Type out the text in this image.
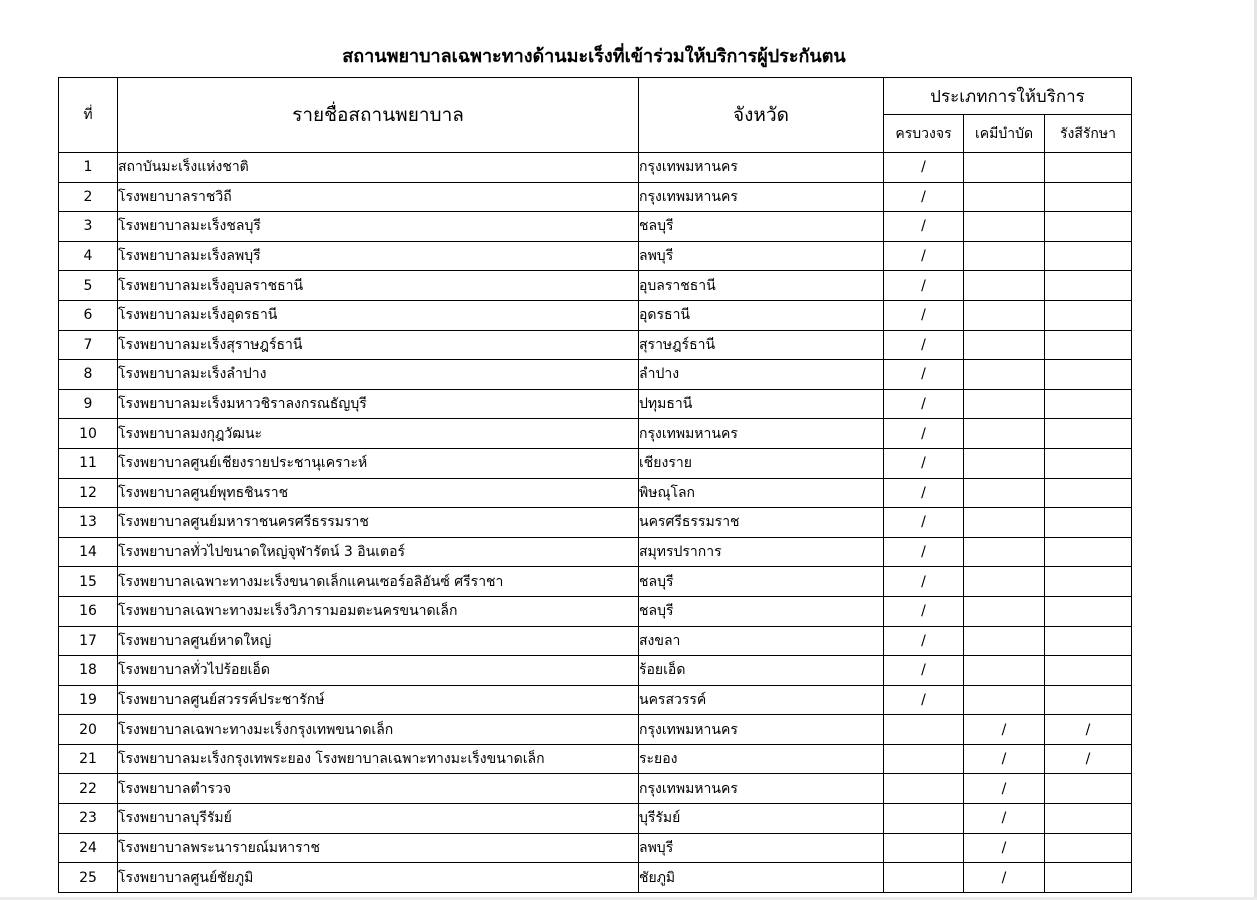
สถานพยาบาลเฉพาะทางด้านมะเร็งที่เข้าร่วมให้บริการผู้ประกันตน
ที่	รายชื่อสถานพยาบาล	จังหวัด	ประเภทการให้บริการ		
			ครบวงจร	เคมีบำบัด	รังสีรักษา
1	สถาบันมะเร็งแห่งชาติ	กรุงเทพมหานคร	/		
2	โรงพยาบาลราชวิถี	กรุงเทพมหานคร	/		
3	โรงพยาบาลมะเร็งชลบุรี	ชลบุรี	/		
4	โรงพยาบาลมะเร็งลพบุรี	ลพบุรี	/		
5	โรงพยาบาลมะเร็งอุบลราชธานี	อุบลราชธานี	/		
6	โรงพยาบาลมะเร็งอุดรธานี	อุดรธานี	/		
7	โรงพยาบาลมะเร็งสุราษฎร์ธานี	สุราษฎร์ธานี	/		
8	โรงพยาบาลมะเร็งลำปาง	ลำปาง	/		
9	โรงพยาบาลมะเร็งมหาวชิราลงกรณธัญบุรี	ปทุมธานี	/		
10	โรงพยาบาลมงกุฎวัฒนะ	กรุงเทพมหานคร	/		
11	โรงพยาบาลศูนย์เชียงรายประชานุเคราะห์	เชียงราย	/		
12	โรงพยาบาลศูนย์พุทธชินราช	พิษณุโลก	/		
13	โรงพยาบาลศูนย์มหาราชนครศรีธรรมราช	นครศรีธรรมราช	/		
14	โรงพยาบาลทั่วไปขนาดใหญ่จุฬารัตน์ 3 อินเตอร์	สมุทรปราการ	/		
15	โรงพยาบาลเฉพาะทางมะเร็งขนาดเล็กแคนเซอร์อลิอันซ์ ศรีราชา	ชลบุรี	/		
16	โรงพยาบาลเฉพาะทางมะเร็งวิภารามอมตะนครขนาดเล็ก	ชลบุรี	/		
17	โรงพยาบาลศูนย์หาดใหญ่	สงขลา	/		
18	โรงพยาบาลทั่วไปร้อยเอ็ด	ร้อยเอ็ด	/		
19	โรงพยาบาลศูนย์สวรรค์ประชารักษ์	นครสวรรค์	/		
20	โรงพยาบาลเฉพาะทางมะเร็งกรุงเทพขนาดเล็ก	กรุงเทพมหานคร		/	/
21	โรงพยาบาลมะเร็งกรุงเทพระยอง โรงพยาบาลเฉพาะทางมะเร็งขนาดเล็ก	ระยอง		/	/
22	โรงพยาบาลตำรวจ	กรุงเทพมหานคร		/	
23	โรงพยาบาลบุรีรัมย์	บุรีรัมย์		/	
24	โรงพยาบาลพระนารายณ์มหาราช	ลพบุรี		/	
25	โรงพยาบาลศูนย์ชัยภูมิ	ชัยภูมิ		/	
